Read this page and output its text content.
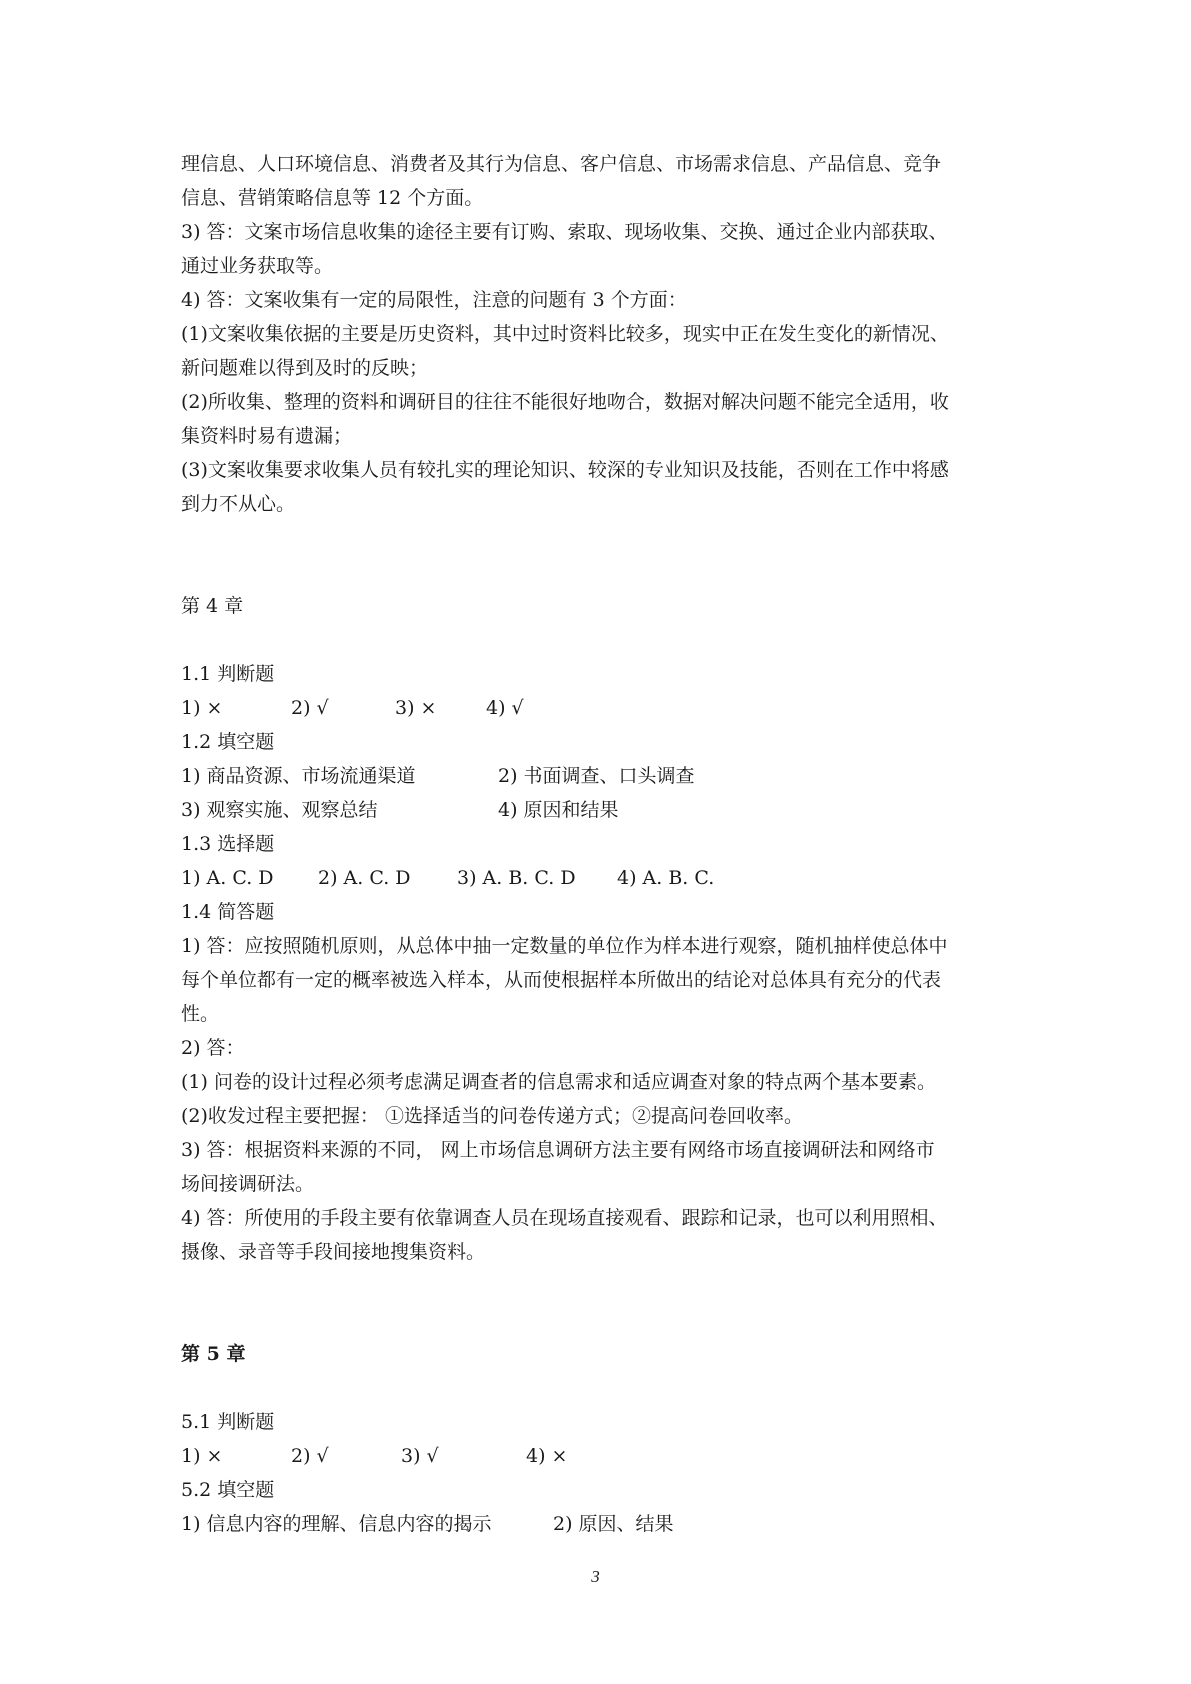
理信息、人口环境信息、消费者及其行为信息、客户信息、市场需求信息、产品信息、竞争
信息、营销策略信息等 12 个方面。
3) 答：文案市场信息收集的途径主要有订购、索取、现场收集、交换、通过企业内部获取、
通过业务获取等。
4) 答：文案收集有一定的局限性，注意的问题有 3 个方面：
(1)文案收集依据的主要是历史资料，其中过时资料比较多，现实中正在发生变化的新情况、
新问题难以得到及时的反映；
(2)所收集、整理的资料和调研目的往往不能很好地吻合，数据对解决问题不能完全适用，收
集资料时易有遗漏；
(3)文案收集要求收集人员有较扎实的理论知识、较深的专业知识及技能，否则在工作中将感
到力不从心。
第 4 章
1.1 判断题
1) ×	2) √	3) ×	4) √
1.2 填空题
1) 商品资源、市场流通渠道	2) 书面调查、口头调查
3) 观察实施、观察总结	4) 原因和结果
1.3 选择题
1) A. C. D 2) A. C. D 3) A. B. C. D 4) A. B. C.
1.4 简答题
1) 答：应按照随机原则，从总体中抽一定数量的单位作为样本进行观察，随机抽样使总体中
每个单位都有一定的概率被选入样本，从而使根据样本所做出的结论对总体具有充分的代表
性。
2) 答：
(1) 问卷的设计过程必须考虑满足调查者的信息需求和适应调查对象的特点两个基本要素。
(2)收发过程主要把握： ①选择适当的问卷传递方式；②提高问卷回收率。
3) 答：根据资料来源的不同， 网上市场信息调研方法主要有网络市场直接调研法和网络市
场间接调研法。
4) 答：所使用的手段主要有依靠调查人员在现场直接观看、跟踪和记录，也可以利用照相、
摄像、录音等手段间接地搜集资料。
第 5 章
5.1 判断题
1) ×	2) √	3) √	4) ×
5.2 填空题
1) 信息内容的理解、信息内容的揭示	2) 原因、结果
3
